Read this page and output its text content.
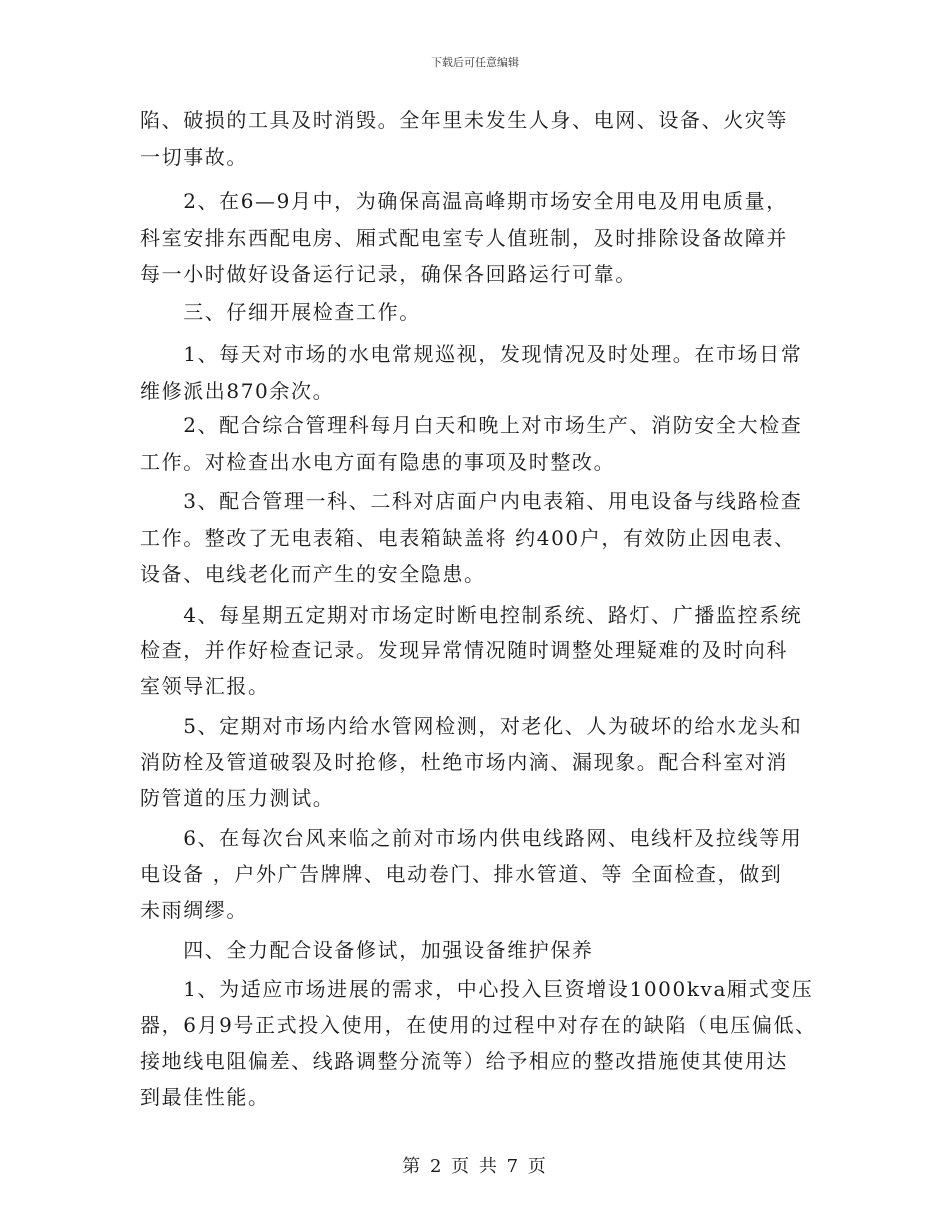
下载后可任意编辑
陷、破损的工具及时消毁。全年里未发生人身、电网、设备、火灾等
一切事故。
　　2、在6—9月中，为确保高温高峰期市场安全用电及用电质量，
科室安排东西配电房、厢式配电室专人值班制，及时排除设备故障并
每一小时做好设备运行记录，确保各回路运行可靠。
　　三、仔细开展检查工作。
　　1、每天对市场的水电常规巡视，发现情况及时处理。在市场日常
维修派出870余次。
　　2、配合综合管理科每月白天和晚上对市场生产、消防安全大检查
工作。对检查出水电方面有隐患的事项及时整改。
　　3、配合管理一科、二科对店面户内电表箱、用电设备与线路检查
工作。整改了无电表箱、电表箱缺盖将 约400户，有效防止因电表、
设备、电线老化而产生的安全隐患。
　　4、每星期五定期对市场定时断电控制系统、路灯、广播监控系统
检查，并作好检查记录。发现异常情况随时调整处理疑难的及时向科
室领导汇报。
　　5、定期对市场内给水管网检测，对老化、人为破坏的给水龙头和
消防栓及管道破裂及时抢修，杜绝市场内滴、漏现象。配合科室对消
防管道的压力测试。
　　6、在每次台风来临之前对市场内供电线路网、电线杆及拉线等用
电设备 ，户外广告牌牌、电动卷门、排水管道、等 全面检查，做到
未雨绸缪。
　　四、全力配合设备修试，加强设备维护保养
　　1、为适应市场进展的需求，中心投入巨资增设1000kva厢式变压
器，6月9号正式投入使用，在使用的过程中对存在的缺陷（电压偏低、
接地线电阻偏差、线路调整分流等）给予相应的整改措施使其使用达
到最佳性能。
第 2 页 共 7 页
